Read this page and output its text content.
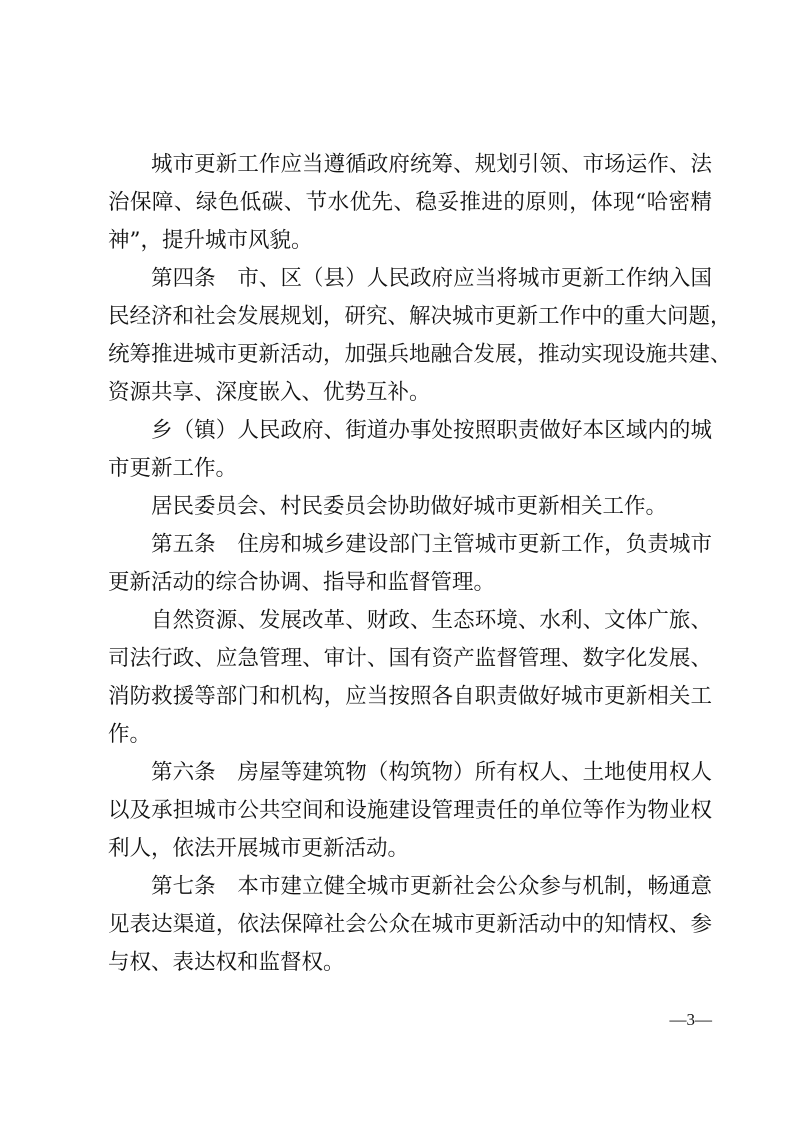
城市更新工作应当遵循政府统筹、规划引领、市场运作、法
治保障、绿色低碳、节水优先、稳妥推进的原则，体现“哈密精
神”，提升城市风貌。
第四条　市、区（县）人民政府应当将城市更新工作纳入国
民经济和社会发展规划，研究、解决城市更新工作中的重大问题，
统筹推进城市更新活动，加强兵地融合发展，推动实现设施共建、
资源共享、深度嵌入、优势互补。
乡（镇）人民政府、街道办事处按照职责做好本区域内的城
市更新工作。
居民委员会、村民委员会协助做好城市更新相关工作。
第五条　住房和城乡建设部门主管城市更新工作，负责城市
更新活动的综合协调、指导和监督管理。
自然资源、发展改革、财政、生态环境、水利、文体广旅、
司法行政、应急管理、审计、国有资产监督管理、数字化发展、
消防救援等部门和机构，应当按照各自职责做好城市更新相关工
作。
第六条　房屋等建筑物（构筑物）所有权人、土地使用权人
以及承担城市公共空间和设施建设管理责任的单位等作为物业权
利人，依法开展城市更新活动。
第七条　本市建立健全城市更新社会公众参与机制，畅通意
见表达渠道，依法保障社会公众在城市更新活动中的知情权、参
与权、表达权和监督权。
—3—
